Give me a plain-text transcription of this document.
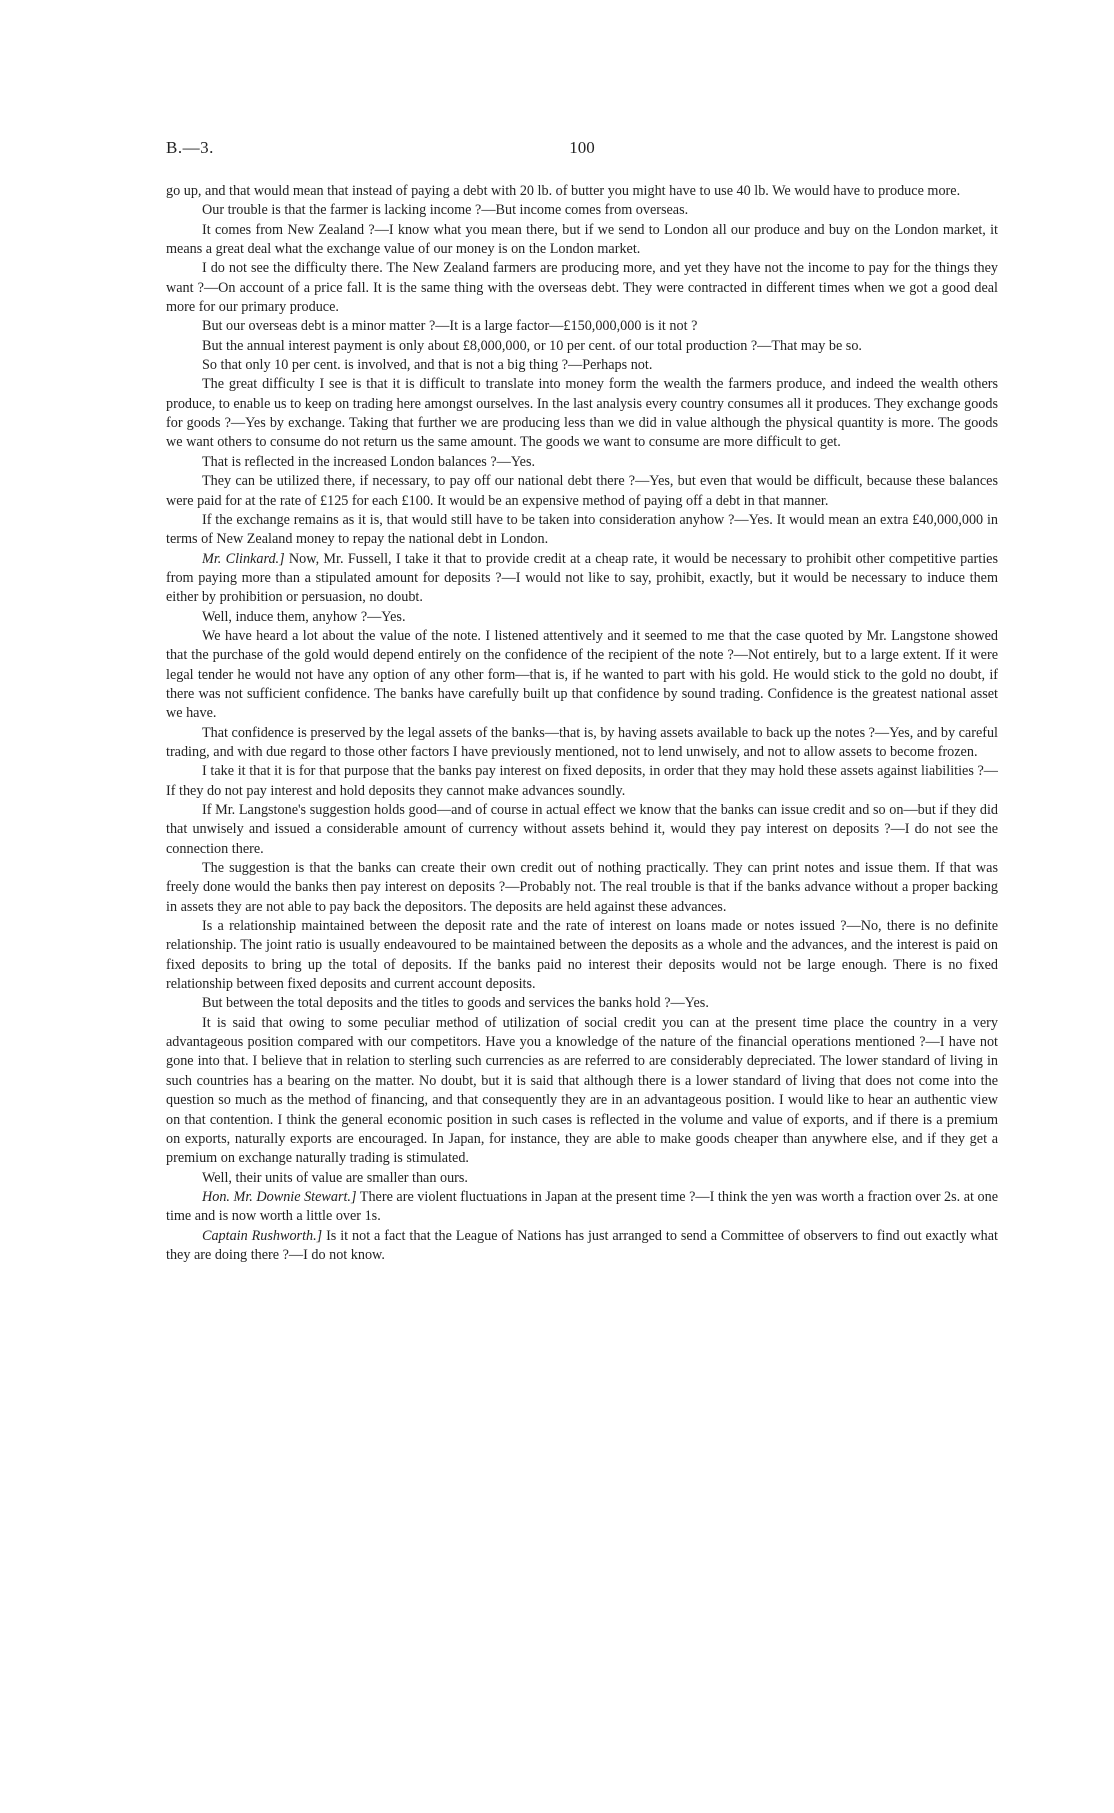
B.—3.	100

go up, and that would mean that instead of paying a debt with 20 lb. of butter you might have to use 40 lb. We would have to produce more.

Our trouble is that the farmer is lacking income ?—But income comes from overseas.

It comes from New Zealand ?—I know what you mean there, but if we send to London all our produce and buy on the London market, it means a great deal what the exchange value of our money is on the London market.

I do not see the difficulty there. The New Zealand farmers are producing more, and yet they have not the income to pay for the things they want ?—On account of a price fall. It is the same thing with the overseas debt. They were contracted in different times when we got a good deal more for our primary produce.

But our overseas debt is a minor matter ?—It is a large factor—£150,000,000 is it not ?

But the annual interest payment is only about £8,000,000, or 10 per cent. of our total production ?—That may be so.

So that only 10 per cent. is involved, and that is not a big thing ?—Perhaps not.

The great difficulty I see is that it is difficult to translate into money form the wealth the farmers produce, and indeed the wealth others produce, to enable us to keep on trading here amongst ourselves. In the last analysis every country consumes all it produces. They exchange goods for goods ?—Yes by exchange. Taking that further we are producing less than we did in value although the physical quantity is more. The goods we want others to consume do not return us the same amount. The goods we want to consume are more difficult to get.

That is reflected in the increased London balances ?—Yes.

They can be utilized there, if necessary, to pay off our national debt there ?—Yes, but even that would be difficult, because these balances were paid for at the rate of £125 for each £100. It would be an expensive method of paying off a debt in that manner.

If the exchange remains as it is, that would still have to be taken into consideration anyhow ?—Yes. It would mean an extra £40,000,000 in terms of New Zealand money to repay the national debt in London.

Mr. Clinkard.] Now, Mr. Fussell, I take it that to provide credit at a cheap rate, it would be necessary to prohibit other competitive parties from paying more than a stipulated amount for deposits ?—I would not like to say, prohibit, exactly, but it would be necessary to induce them either by prohibition or persuasion, no doubt.

Well, induce them, anyhow ?—Yes.

We have heard a lot about the value of the note. I listened attentively and it seemed to me that the case quoted by Mr. Langstone showed that the purchase of the gold would depend entirely on the confidence of the recipient of the note ?—Not entirely, but to a large extent. If it were legal tender he would not have any option of any other form—that is, if he wanted to part with his gold. He would stick to the gold no doubt, if there was not sufficient confidence. The banks have carefully built up that confidence by sound trading. Confidence is the greatest national asset we have.

That confidence is preserved by the legal assets of the banks—that is, by having assets available to back up the notes ?—Yes, and by careful trading, and with due regard to those other factors I have previously mentioned, not to lend unwisely, and not to allow assets to become frozen.

I take it that it is for that purpose that the banks pay interest on fixed deposits, in order that they may hold these assets against liabilities ?—If they do not pay interest and hold deposits they cannot make advances soundly.

If Mr. Langstone's suggestion holds good—and of course in actual effect we know that the banks can issue credit and so on—but if they did that unwisely and issued a considerable amount of currency without assets behind it, would they pay interest on deposits ?—I do not see the connection there.

The suggestion is that the banks can create their own credit out of nothing practically. They can print notes and issue them. If that was freely done would the banks then pay interest on deposits ?—Probably not. The real trouble is that if the banks advance without a proper backing in assets they are not able to pay back the depositors. The deposits are held against these advances.

Is a relationship maintained between the deposit rate and the rate of interest on loans made or notes issued ?—No, there is no definite relationship. The joint ratio is usually endeavoured to be maintained between the deposits as a whole and the advances, and the interest is paid on fixed deposits to bring up the total of deposits. If the banks paid no interest their deposits would not be large enough. There is no fixed relationship between fixed deposits and current account deposits.

But between the total deposits and the titles to goods and services the banks hold ?—Yes.

It is said that owing to some peculiar method of utilization of social credit you can at the present time place the country in a very advantageous position compared with our competitors. Have you a knowledge of the nature of the financial operations mentioned ?—I have not gone into that. I believe that in relation to sterling such currencies as are referred to are considerably depreciated. The lower standard of living in such countries has a bearing on the matter. No doubt, but it is said that although there is a lower standard of living that does not come into the question so much as the method of financing, and that consequently they are in an advantageous position. I would like to hear an authentic view on that contention. I think the general economic position in such cases is reflected in the volume and value of exports, and if there is a premium on exports, naturally exports are encouraged. In Japan, for instance, they are able to make goods cheaper than anywhere else, and if they get a premium on exchange naturally trading is stimulated.

Well, their units of value are smaller than ours.

Hon. Mr. Downie Stewart.] There are violent fluctuations in Japan at the present time ?—I think the yen was worth a fraction over 2s. at one time and is now worth a little over 1s.

Captain Rushworth.] Is it not a fact that the League of Nations has just arranged to send a Committee of observers to find out exactly what they are doing there ?—I do not know.
